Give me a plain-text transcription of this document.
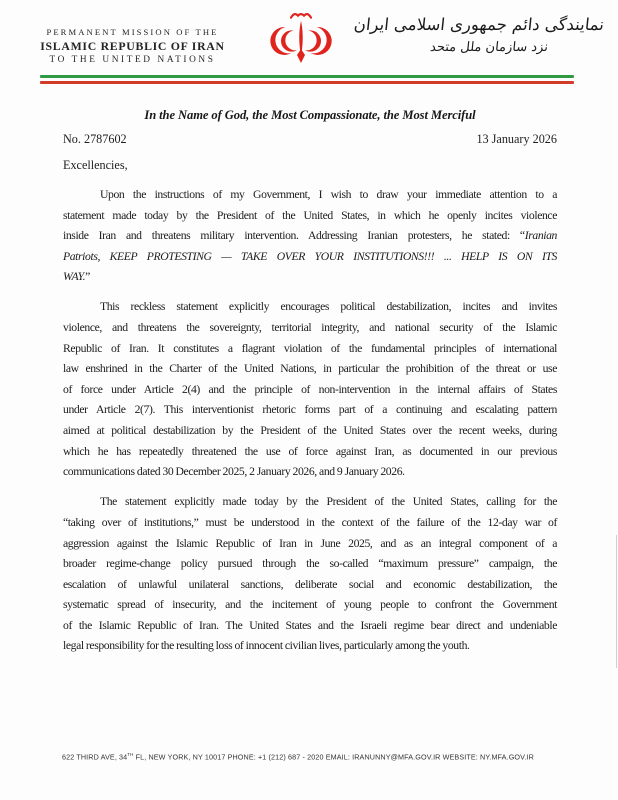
PERMANENT MISSION OF THE
ISLAMIC REPUBLIC OF IRAN
TO THE UNITED NATIONS
نمایندگی دائم جمهوری اسلامی ایران
نزد سازمان ملل متحد
In the Name of God, the Most Compassionate, the Most Merciful
No. 2787602	13 January 2026
Excellencies,
Upon the instructions of my Government, I wish to draw your immediate attention to a
statement made today by the President of the United States, in which he openly incites violence
inside Iran and threatens military intervention. Addressing Iranian protesters, he stated: “Iranian
Patriots, KEEP PROTESTING — TAKE OVER YOUR INSTITUTIONS!!! ... HELP IS ON ITS
WAY.”
This reckless statement explicitly encourages political destabilization, incites and invites
violence, and threatens the sovereignty, territorial integrity, and national security of the Islamic
Republic of Iran. It constitutes a flagrant violation of the fundamental principles of international
law enshrined in the Charter of the United Nations, in particular the prohibition of the threat or use
of force under Article 2(4) and the principle of non-intervention in the internal affairs of States
under Article 2(7). This interventionist rhetoric forms part of a continuing and escalating pattern
aimed at political destabilization by the President of the United States over the recent weeks, during
which he has repeatedly threatened the use of force against Iran, as documented in our previous
communications dated 30 December 2025, 2 January 2026, and 9 January 2026.
The statement explicitly made today by the President of the United States, calling for the
“taking over of institutions,” must be understood in the context of the failure of the 12-day war of
aggression against the Islamic Republic of Iran in June 2025, and as an integral component of a
broader regime-change policy pursued through the so-called “maximum pressure” campaign, the
escalation of unlawful unilateral sanctions, deliberate social and economic destabilization, the
systematic spread of insecurity, and the incitement of young people to confront the Government
of the Islamic Republic of Iran. The United States and the Israeli regime bear direct and undeniable
legal responsibility for the resulting loss of innocent civilian lives, particularly among the youth.
622 THIRD AVE, 34TH FL, NEW YORK, NY 10017 PHONE: +1 (212) 687 - 2020 EMAIL: IRANUNNY@MFA.GOV.IR WEBSITE: NY.MFA.GOV.IR
